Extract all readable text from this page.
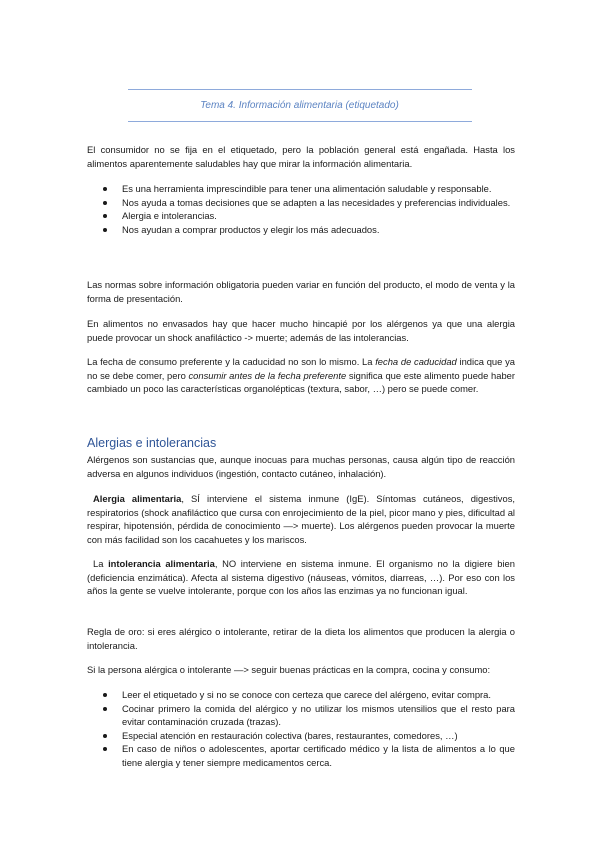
Tema 4. Información alimentaria (etiquetado)
El consumidor no se fija en el etiquetado, pero la población general está engañada. Hasta los alimentos aparentemente saludables hay que mirar la información alimentaria.
Es una herramienta imprescindible para tener una alimentación saludable y responsable.
Nos ayuda a tomas decisiones que se adapten a las necesidades y preferencias individuales.
Alergia e intolerancias.
Nos ayudan a comprar productos y elegir los más adecuados.
Las normas sobre información obligatoria pueden variar en función del producto, el modo de venta y la forma de presentación.
En alimentos no envasados hay que hacer mucho hincapié por los alérgenos ya que una alergia puede provocar un shock anafiláctico -> muerte; además de las intolerancias.
La fecha de consumo preferente y la caducidad no son lo mismo. La fecha de caducidad indica que ya no se debe comer, pero consumir antes de la fecha preferente significa que este alimento puede haber cambiado un poco las características organolépticas (textura, sabor, …) pero se puede comer.
Alergias e intolerancias
Alérgenos son sustancias que, aunque inocuas para muchas personas, causa algún tipo de reacción adversa en algunos individuos (ingestión, contacto cutáneo, inhalación).
Alergia alimentaria, SÍ interviene el sistema inmune (IgE). Síntomas cutáneos, digestivos, respiratorios (shock anafiláctico que cursa con enrojecimiento de la piel, picor mano y pies, dificultad al respirar, hipotensión, pérdida de conocimiento —> muerte). Los alérgenos pueden provocar la muerte con más facilidad son los cacahuetes y los mariscos.
La intolerancia alimentaria, NO interviene en sistema inmune. El organismo no la digiere bien (deficiencia enzimática). Afecta al sistema digestivo (náuseas, vómitos, diarreas, …). Por eso con los años la gente se vuelve intolerante, porque con los años las enzimas ya no funcionan igual.
Regla de oro: si eres alérgico o intolerante, retirar de la dieta los alimentos que producen la alergia o intolerancia.
Si la persona alérgica o intolerante —> seguir buenas prácticas en la compra, cocina y consumo:
Leer el etiquetado y si no se conoce con certeza que carece del alérgeno, evitar compra.
Cocinar primero la comida del alérgico y no utilizar los mismos utensilios que el resto para evitar contaminación cruzada (trazas).
Especial atención en restauración colectiva (bares, restaurantes, comedores, …)
En caso de niños o adolescentes, aportar certificado médico y la lista de alimentos a lo que tiene alergia y tener siempre medicamentos cerca.
